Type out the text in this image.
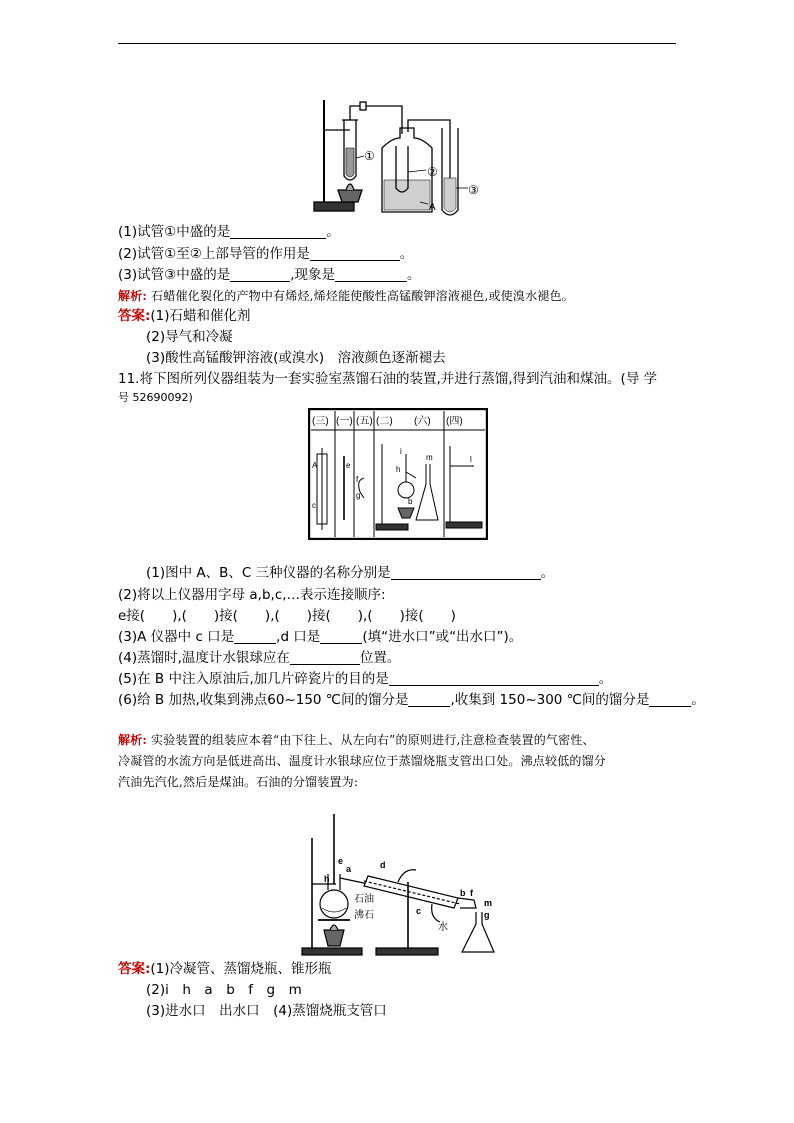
①
②
③
A
(1)试管①中盛的是	。
(2)试管①至②上部导管的作用是	。
(3)试管③中盛的是	,现象是	。
解析: 石蜡催化裂化的产物中有烯烃,烯烃能使酸性高锰酸钾溶液褪色,或使溴水褪色。
答案:(1)石蜡和催化剂
(2)导气和冷凝
(3)酸性高锰酸钾溶液(或溴水)　溶液颜色逐渐褪去
11.将下图所列仪器组装为一套实验室蒸馏石油的装置,并进行蒸馏,得到汽油和煤油。(导 学
号 52690092)
(三) (一) (五) (二) (六) (四)
A
c
e
f
h
i
m	l
g
b
(1)图中 A、B、C 三种仪器的名称分别是	。
(2)将以上仪器用字母 a,b,c,…表示连接顺序:
e接(　　),(　　)接(　　),(　　)接(　　),(　　)接(　　)
(3)A 仪器中 c 口是	,d 口是	(填“进水口”或“出水口”)。
(4)蒸馏时,温度计水银球应在	位置。
(5)在 B 中注入原油后,加几片碎瓷片的目的是	。
(6)给 B 加热,收集到沸点60~150 ℃间的馏分是	,收集到 150~300 ℃间的馏分是	。
解析: 实验装置的组装应本着“由下往上、从左向右”的原则进行,注意检查装置的气密性、
冷凝管的水流方向是低进高出、温度计水银球应位于蒸馏烧瓶支管出口处。沸点较低的馏分
汽油先汽化,然后是煤油。石油的分馏装置为:
e
h
a	d
石油
沸石	c
水
b f
m
g
答案:(1)冷凝管、蒸馏烧瓶、锥形瓶
(2)i　h　a　b　f　g　m
(3)进水口　出水口　(4)蒸馏烧瓶支管口
